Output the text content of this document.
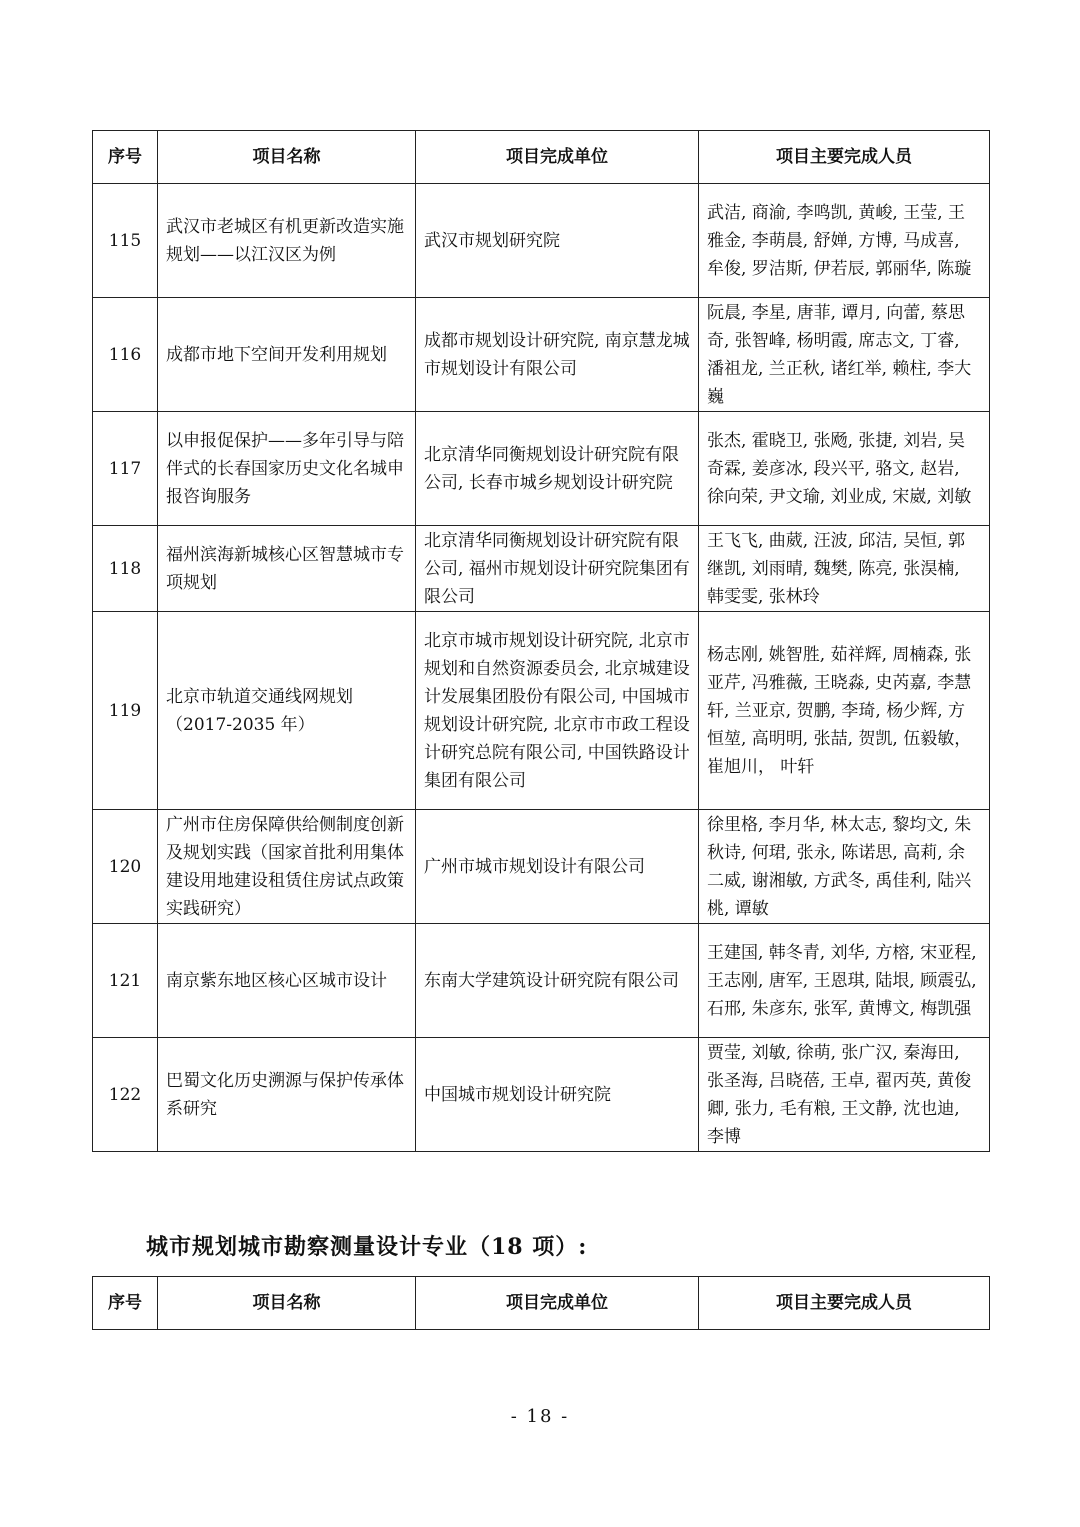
序号	项目名称	项目完成单位	项目主要完成人员
115	武汉市老城区有机更新改造实施规划——以江汉区为例	武汉市规划研究院	武洁, 商渝, 李鸣凯, 黄峻, 王莹, 王雅金, 李萌晨, 舒婵, 方博, 马成喜, 牟俊, 罗洁斯, 伊若辰, 郭丽华, 陈璇
116	成都市地下空间开发利用规划	成都市规划设计研究院, 南京慧龙城市规划设计有限公司	阮晨, 李星, 唐菲, 谭月, 向蕾, 蔡思奇, 张智峰, 杨明霞, 席志文, 丁睿, 潘祖龙, 兰正秋, 诸红举, 赖柱, 李大巍
117	以申报促保护——多年引导与陪伴式的长春国家历史文化名城申报咨询服务	北京清华同衡规划设计研究院有限公司, 长春市城乡规划设计研究院	张杰, 霍晓卫, 张飏, 张捷, 刘岩, 吴奇霖, 姜彦冰, 段兴平, 骆文, 赵岩, 徐向荣, 尹文瑜, 刘业成, 宋崴, 刘敏
118	福州滨海新城核心区智慧城市专项规划	北京清华同衡规划设计研究院有限公司, 福州市规划设计研究院集团有限公司	王飞飞, 曲葳, 汪波, 邱洁, 吴恒, 郭继凯, 刘雨晴, 魏樊, 陈亮, 张淏楠, 韩雯雯, 张林玲
119	北京市轨道交通线网规划（2017-2035 年）	北京市城市规划设计研究院, 北京市规划和自然资源委员会, 北京城建设计发展集团股份有限公司, 中国城市规划设计研究院, 北京市市政工程设计研究总院有限公司, 中国铁路设计集团有限公司	杨志刚, 姚智胜, 茹祥辉, 周楠森, 张亚芹, 冯雅薇, 王晓淼, 史芮嘉, 李慧轩, 兰亚京, 贺鹏, 李琦, 杨少辉, 方恒堃, 高明明, 张喆, 贺凯, 伍毅敏， 崔旭川， 叶轩
120	广州市住房保障供给侧制度创新及规划实践（国家首批利用集体建设用地建设租赁住房试点政策实践研究）	广州市城市规划设计有限公司	徐里格, 李月华, 林太志, 黎均文, 朱秋诗, 何珺, 张永, 陈诺思, 高莉, 余二威, 谢湘敏, 方武冬, 禹佳利, 陆兴桃, 谭敏
121	南京紫东地区核心区城市设计	东南大学建筑设计研究院有限公司	王建国, 韩冬青, 刘华, 方榕, 宋亚程, 王志刚, 唐军, 王恩琪, 陆垠, 顾震弘, 石邢, 朱彦东, 张军, 黄博文, 梅凯强
122	巴蜀文化历史溯源与保护传承体系研究	中国城市规划设计研究院	贾莹, 刘敏, 徐萌, 张广汉, 秦海田, 张圣海, 吕晓蓓, 王卓, 翟丙英, 黄俊卿, 张力, 毛有粮, 王文静, 沈也迪, 李博
城市规划城市勘察测量设计专业（18 项）:
序号	项目名称	项目完成单位	项目主要完成人员
- 18 -
